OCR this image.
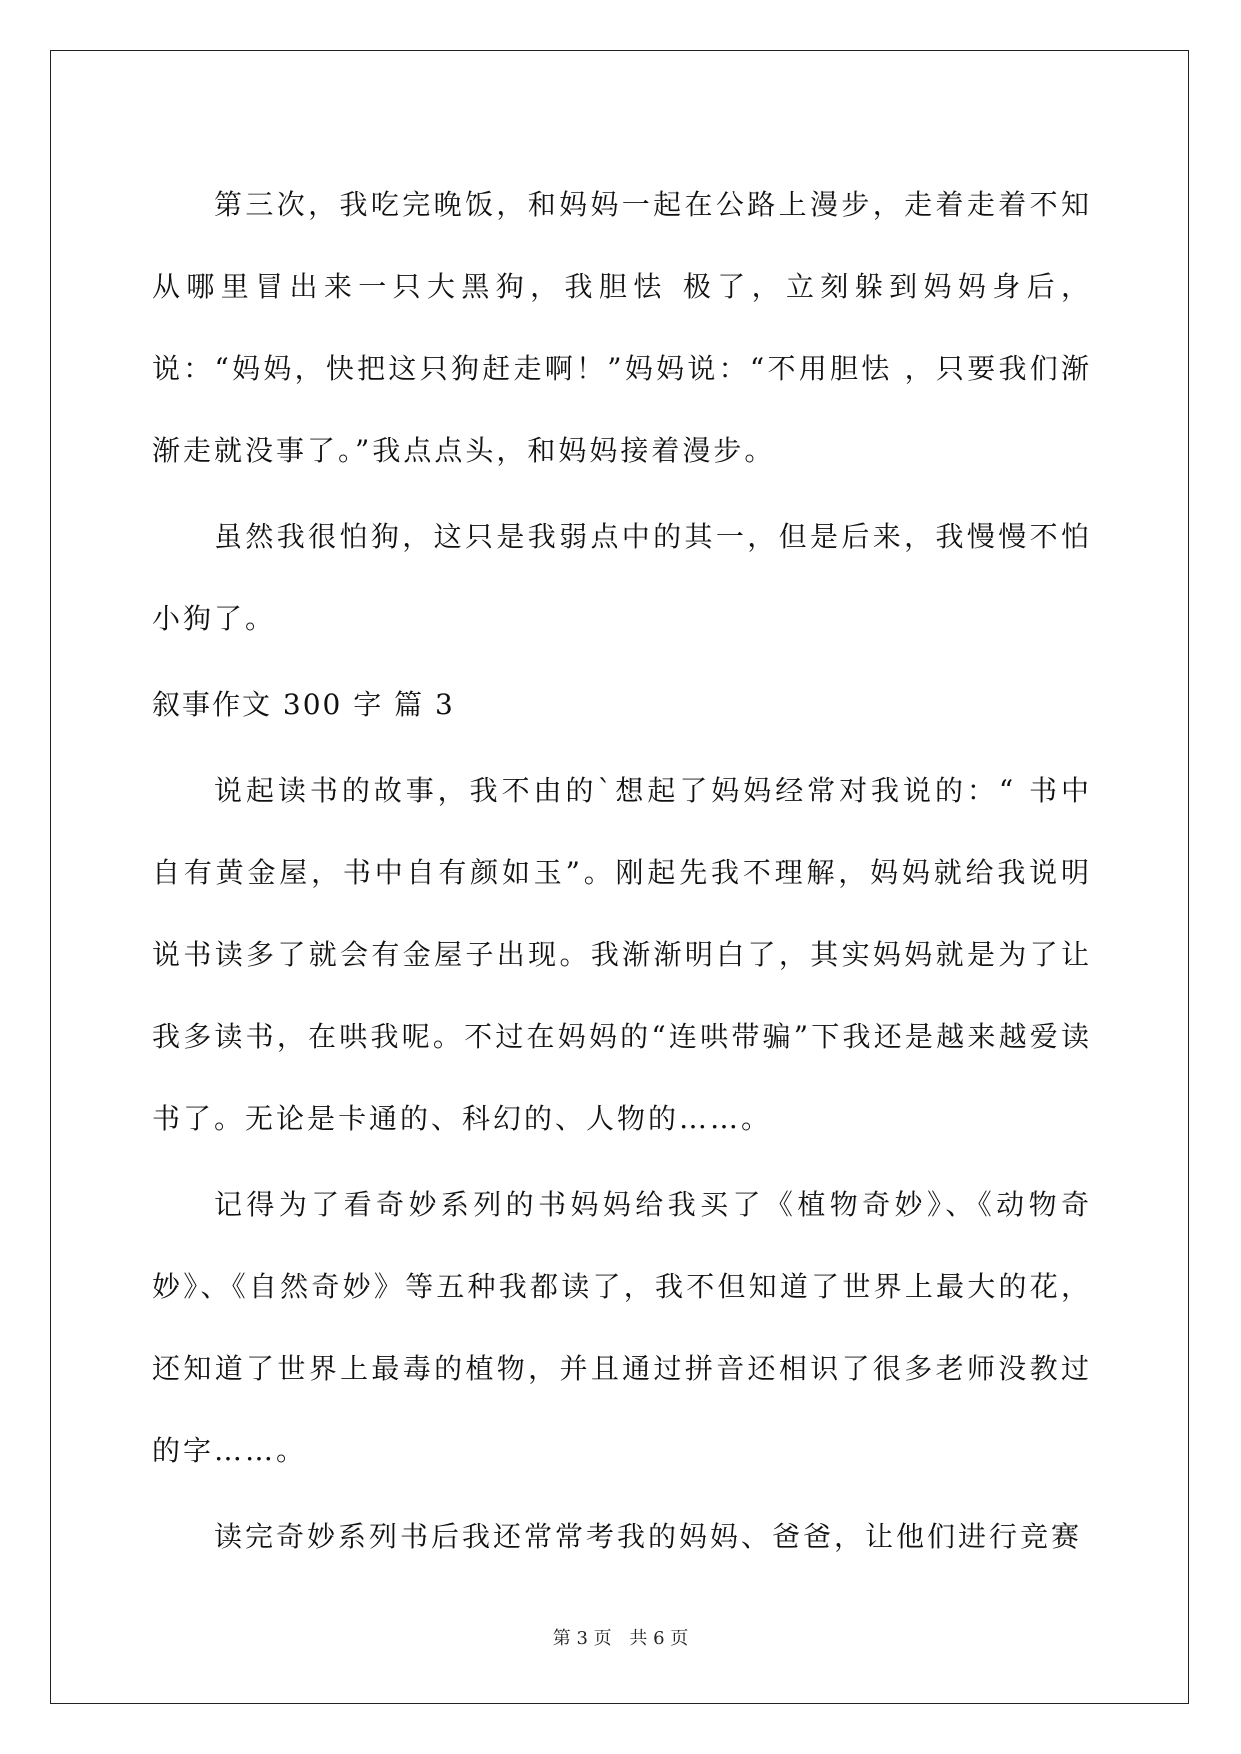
第三次，我吃完晚饭，和妈妈一起在公路上漫步，走着走着不知从哪里冒出来一只大黑狗，我胆怯 极了，立刻躲到妈妈身后，说：“妈妈，快把这只狗赶走啊！”妈妈说：“不用胆怯 ，只要我们渐渐走就没事了。”我点点头，和妈妈接着漫步。

虽然我很怕狗，这只是我弱点中的其一，但是后来，我慢慢不怕小狗了。

叙事作文 300 字 篇 3

说起读书的故事，我不由的`想起了妈妈经常对我说的：“ 书中自有黄金屋，书中自有颜如玉”。刚起先我不理解，妈妈就给我说明说书读多了就会有金屋子出现。我渐渐明白了，其实妈妈就是为了让我多读书，在哄我呢。不过在妈妈的“连哄带骗”下我还是越来越爱读书了。无论是卡通的、科幻的、人物的……。

记得为了看奇妙系列的书妈妈给我买了《植物奇妙》、《动物奇妙》、《自然奇妙》等五种我都读了，我不但知道了世界上最大的花，还知道了世界上最毒的植物，并且通过拼音还相识了很多老师没教过的字……。

读完奇妙系列书后我还常常考我的妈妈、爸爸，让他们进行竞赛

第 3 页 共 6 页
